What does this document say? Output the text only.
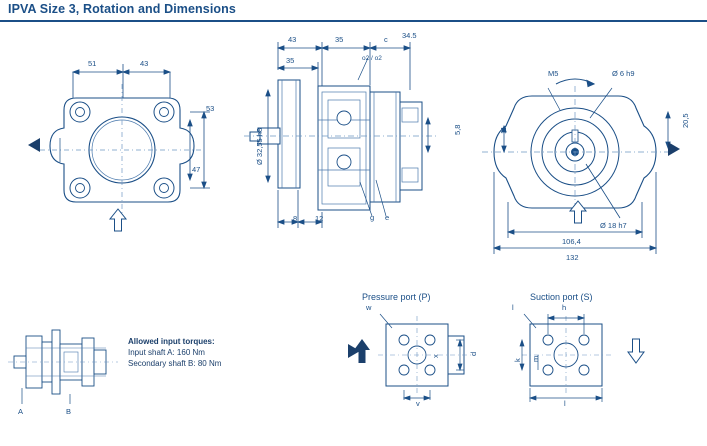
IPVA Size 3, Rotation and Dimensions
51	43
53
47
43	35	c 34.5
35	o2 / o2
Ø 32,55 h8	5,8
8 12	g e
M5	Ø 6 h9
20,5
11
Ø 18 h7
106,4
132
A	B
Allowed input torques:
Input shaft A: 160 Nm
Secondary shaft B: 80 Nm
Pressure port (P)
w
d
x
v
Suction port (S)
l	h
k m
l
